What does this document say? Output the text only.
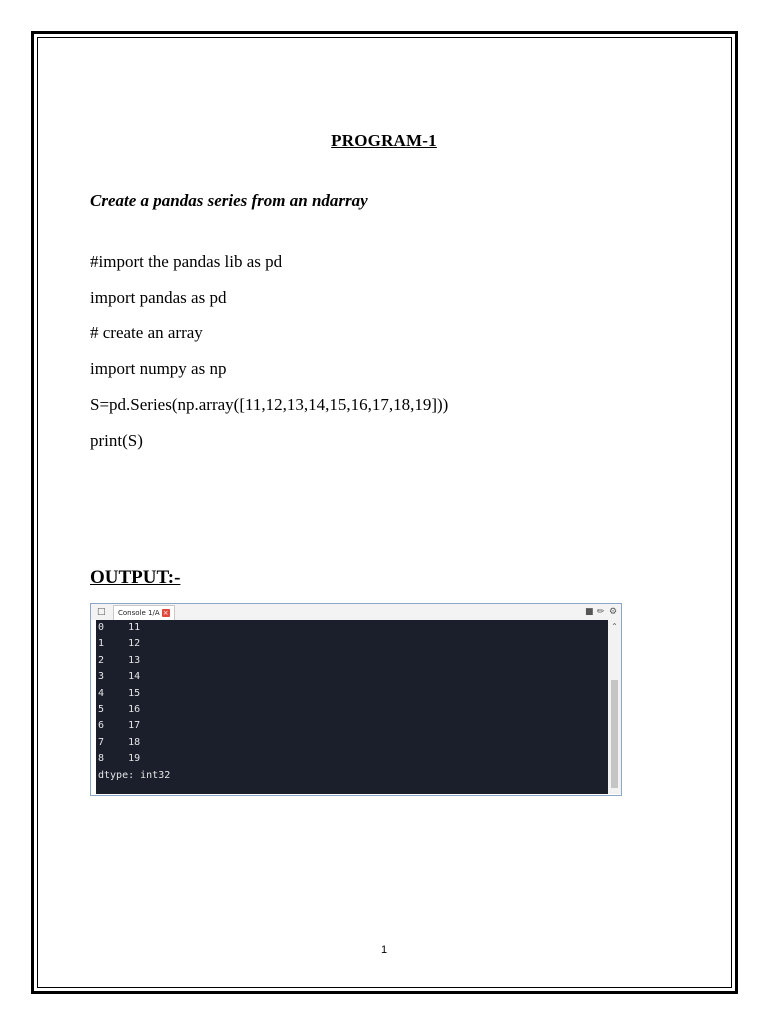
PROGRAM-1
Create a pandas series from an ndarray
#import the pandas lib as pd
import pandas as pd
# create an array
import numpy as np
S=pd.Series(np.array([11,12,13,14,15,16,17,18,19]))
print(S)
OUTPUT:-
□	Console 1/A ×	■ ✏ ⚙
0    11
1    12
2    13
3    14
4    15
5    16
6    17
7    18
8    19
dtype: int32
⌃
1
